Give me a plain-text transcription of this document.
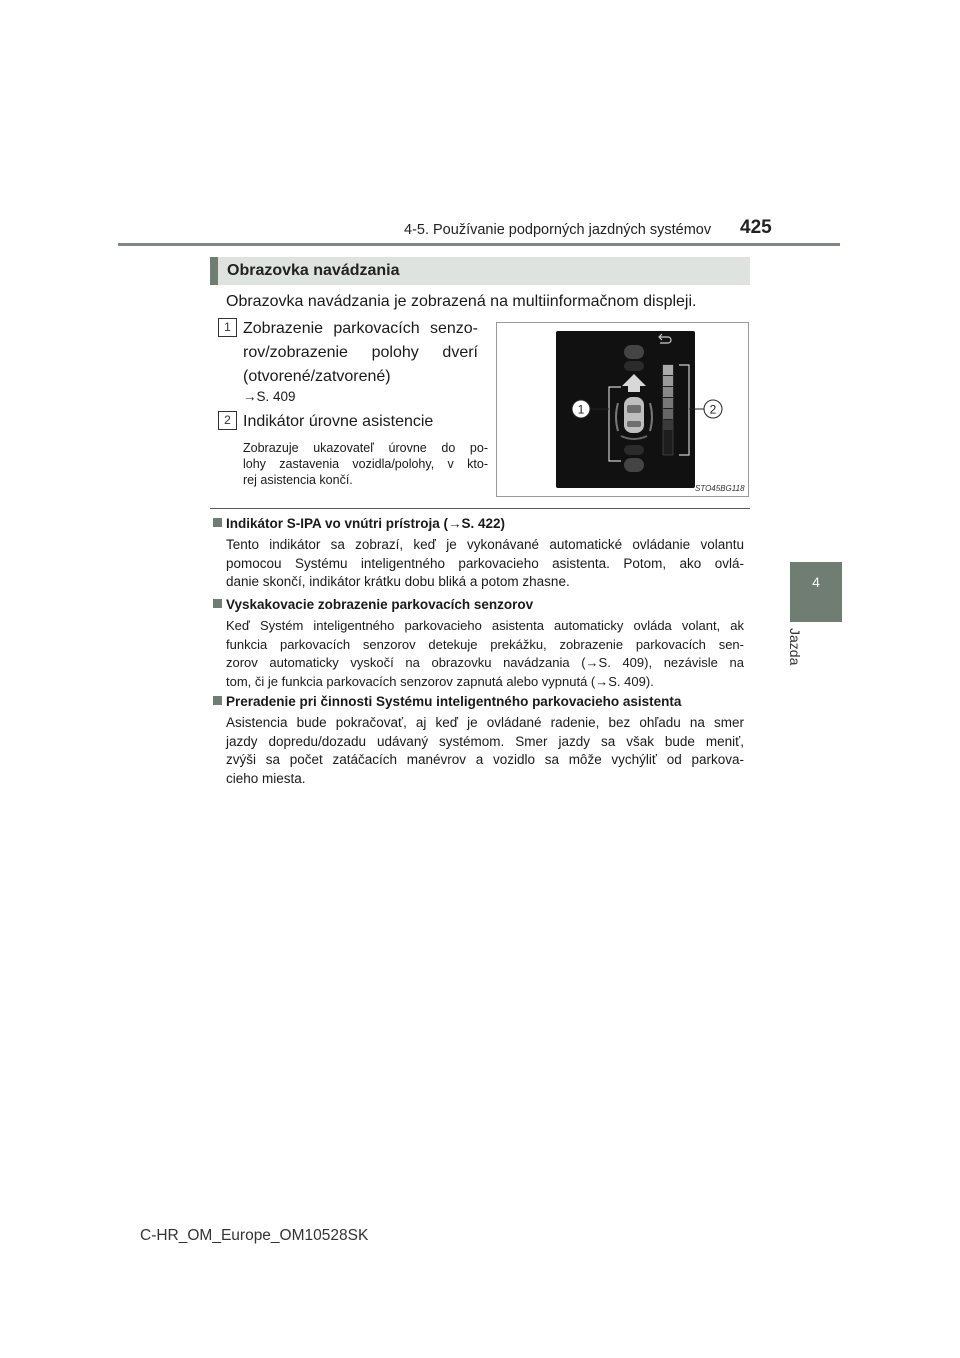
4-5. Používanie podporných jazdných systémov 425
4
Jazda
Obrazovka navádzania
Obrazovka navádzania je zobrazená na multiinformačnom displeji.
1 Zobrazenie parkovacích senzo-
rov/zobrazenie polohy dverí
(otvorené/zatvorené)
→S. 409
2 Indikátor úrovne asistencie
Zobrazuje ukazovateľ úrovne do po-
lohy zastavenia vozidla/polohy, v kto-
rej asistencia končí.
1	2
STO45BG118
Indikátor S-IPA vo vnútri prístroja (→S. 422)
Tento indikátor sa zobrazí, keď je vykonávané automatické ovládanie volantu
pomocou Systému inteligentného parkovacieho asistenta. Potom, ako ovlá-
danie skončí, indikátor krátku dobu bliká a potom zhasne.
Vyskakovacie zobrazenie parkovacích senzorov
Keď Systém inteligentného parkovacieho asistenta automaticky ovláda volant, ak
funkcia parkovacích senzorov detekuje prekážku, zobrazenie parkovacích sen-
zorov automaticky vyskočí na obrazovku navádzania (→S. 409), nezávisle na
tom, či je funkcia parkovacích senzorov zapnutá alebo vypnutá (→S. 409).
Preradenie pri činnosti Systému inteligentného parkovacieho asistenta
Asistencia bude pokračovať, aj keď je ovládané radenie, bez ohľadu na smer
jazdy dopredu/dozadu udávaný systémom. Smer jazdy sa však bude meniť,
zvýši sa počet zatáčacích manévrov a vozidlo sa môže vychýliť od parkova-
cieho miesta.
C-HR_OM_Europe_OM10528SK
